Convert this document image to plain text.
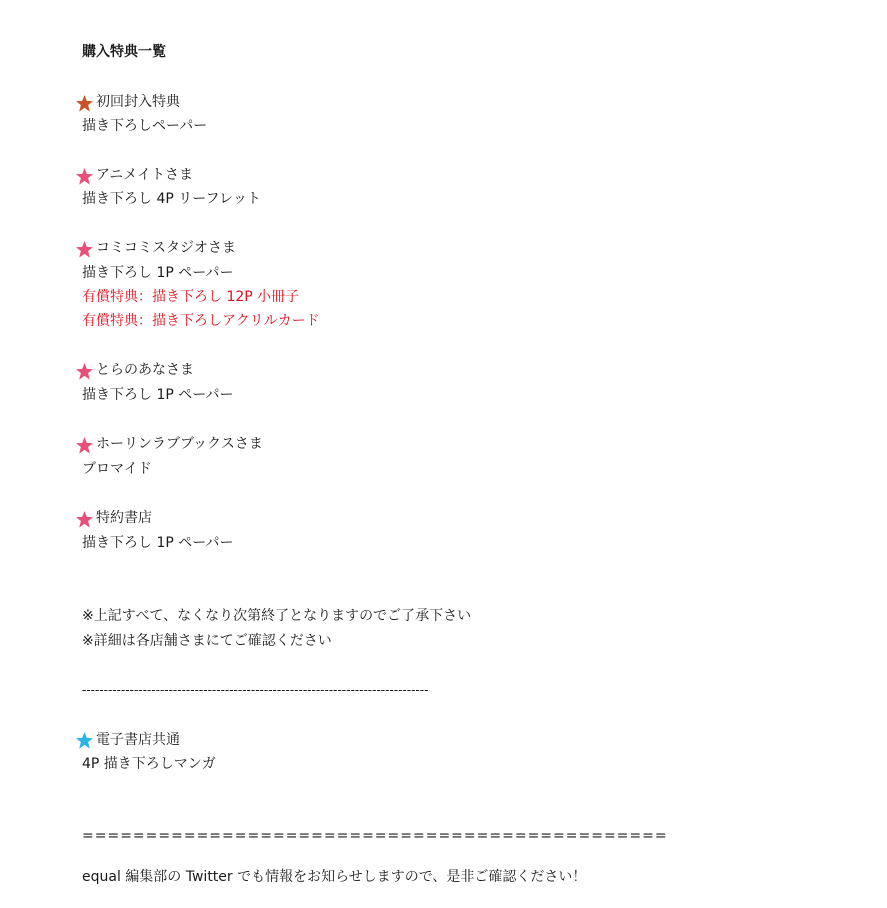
購入特典一覧
初回封入特典
描き下ろしペーパー
アニメイトさま
描き下ろし 4P リーフレット
コミコミスタジオさま
描き下ろし 1P ペーパー
有償特典：描き下ろし 12P 小冊子
有償特典：描き下ろしアクリルカード
とらのあなさま
描き下ろし 1P ペーパー
ホーリンラブブックスさま
ブロマイド
特約書店
描き下ろし 1P ペーパー
※上記すべて、なくなり次第終了となりますのでご了承下さい
※詳細は各店舗さまにてご確認ください
--------------------------------------------------------------------------------
電子書店共通
4P 描き下ろしマンガ
==============================================
equal 編集部の Twitter でも情報をお知らせしますので、是非ご確認ください！
